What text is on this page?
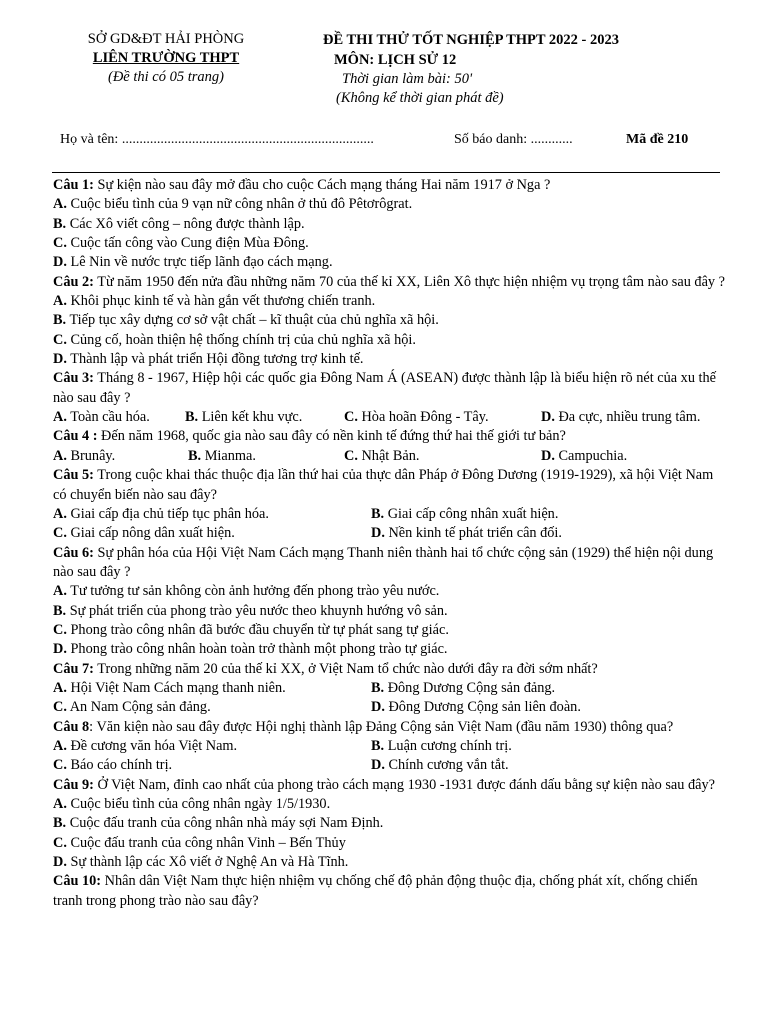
SỞ GD&ĐT HẢI PHÒNG
LIÊN TRƯỜNG THPT
(Đề thi có 05 trang)
ĐỀ THI THỬ TỐT NGHIỆP THPT 2022 - 2023
MÔN: LỊCH SỬ 12
Thời gian làm bài: 50'
(Không kể thời gian phát đề)
Họ và tên: ........................................................................	Số báo danh: ............	Mã đề 210

Câu 1: Sự kiện nào sau đây mở đầu cho cuộc Cách mạng tháng Hai năm 1917 ở Nga ?

A. Cuộc biểu tình của 9 vạn nữ công nhân ở thủ đô Pêtơrôgrat.
B. Các Xô viết công – nông được thành lập.
C. Cuộc tấn công vào Cung điện Mùa Đông.
D. Lê Nin về nước trực tiếp lãnh đạo cách mạng.

Câu 2: Từ năm 1950 đến nửa đầu những năm 70 của thế kỉ XX, Liên Xô thực hiện nhiệm vụ trọng tâm nào sau đây ?

A. Khôi phục kinh tế và hàn gắn vết thương chiến tranh.
B. Tiếp tục xây dựng cơ sở vật chất – kĩ thuật của chủ nghĩa xã hội.
C. Củng cố, hoàn thiện hệ thống chính trị của chủ nghĩa xã hội.
D. Thành lập và phát triển Hội đồng tương trợ kinh tế.

Câu 3: Tháng 8 - 1967, Hiệp hội các quốc gia Đông Nam Á (ASEAN) được thành lập là biểu hiện rõ nét của xu thế nào sau đây ?

A. Toàn cầu hóa.	B. Liên kết khu vực.	C. Hòa hoãn Đông - Tây.	D. Đa cực, nhiều trung tâm.

Câu 4 : Đến năm 1968, quốc gia nào sau đây có nền kinh tế đứng thứ hai thế giới tư bản?

A. Brunây.	B. Mianma.	C. Nhật Bản.	D. Campuchia.

Câu 5: Trong cuộc khai thác thuộc địa lần thứ hai của thực dân Pháp ở Đông Dương (1919-1929), xã hội Việt Nam có chuyển biến nào sau đây?

A. Giai cấp địa chủ tiếp tục phân hóa.	B. Giai cấp công nhân xuất hiện.
C. Giai cấp nông dân xuất hiện.	D. Nền kinh tế phát triển cân đối.

Câu 6: Sự phân hóa của Hội Việt Nam Cách mạng Thanh niên thành hai tổ chức cộng sản (1929) thể hiện nội dung nào sau đây ?

A. Tư tưởng tư sản không còn ảnh hưởng đến phong trào yêu nước.
B. Sự phát triển của phong trào yêu nước theo khuynh hướng vô sản.
C. Phong trào công nhân đã bước đầu chuyển từ tự phát sang tự giác.
D. Phong trào công nhân hoàn toàn trở thành một phong trào tự giác.

Câu 7: Trong những năm 20 của thế kỉ XX, ở Việt Nam tổ chức nào dưới đây ra đời sớm nhất?

A. Hội Việt Nam Cách mạng thanh niên.	B. Đông Dương Cộng sản đảng.
C. An Nam Cộng sản đảng.	D. Đông Dương Cộng sản liên đoàn.

Câu 8: Văn kiện nào sau đây được Hội nghị thành lập Đảng Cộng sản Việt Nam (đầu năm 1930) thông qua?

A. Đề cương văn hóa Việt Nam.	B. Luận cương chính trị.
C. Báo cáo chính trị.	D. Chính cương vắn tắt.

Câu 9: Ở Việt Nam, đỉnh cao nhất của phong trào cách mạng 1930 -1931 được đánh dấu bằng sự kiện nào sau đây?

A. Cuộc biểu tình của công nhân ngày 1/5/1930.
B. Cuộc đấu tranh của công nhân nhà máy sợi Nam Định.
C. Cuộc đấu tranh của công nhân Vinh – Bến Thủy
D. Sự thành lập các Xô viết ở Nghệ An và Hà Tĩnh.

Câu 10: Nhân dân Việt Nam thực hiện nhiệm vụ chống chế độ phản động thuộc địa, chống phát xít, chống chiến tranh trong phong trào nào sau đây?
